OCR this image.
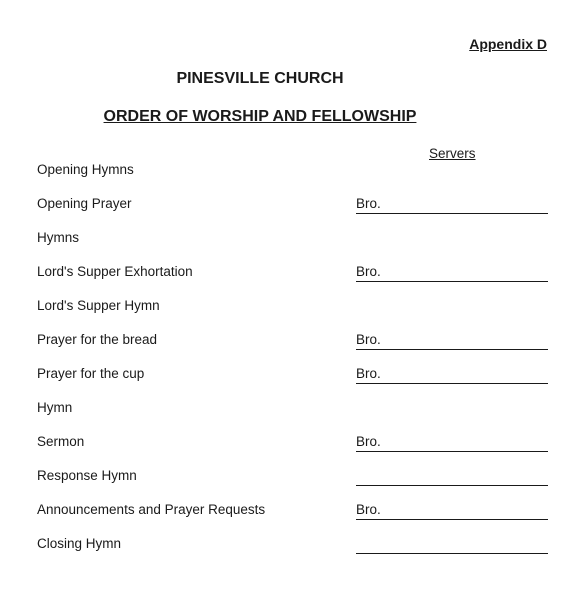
Appendix D
PINESVILLE CHURCH
ORDER OF WORSHIP AND FELLOWSHIP
Servers
Opening Hymns
Opening Prayer	Bro.
Hymns
Lord's Supper Exhortation	Bro.
Lord's Supper Hymn
Prayer for the bread	Bro.
Prayer for the cup	Bro.
Hymn
Sermon	Bro.
Response Hymn
Announcements and Prayer Requests	Bro.
Closing Hymn
